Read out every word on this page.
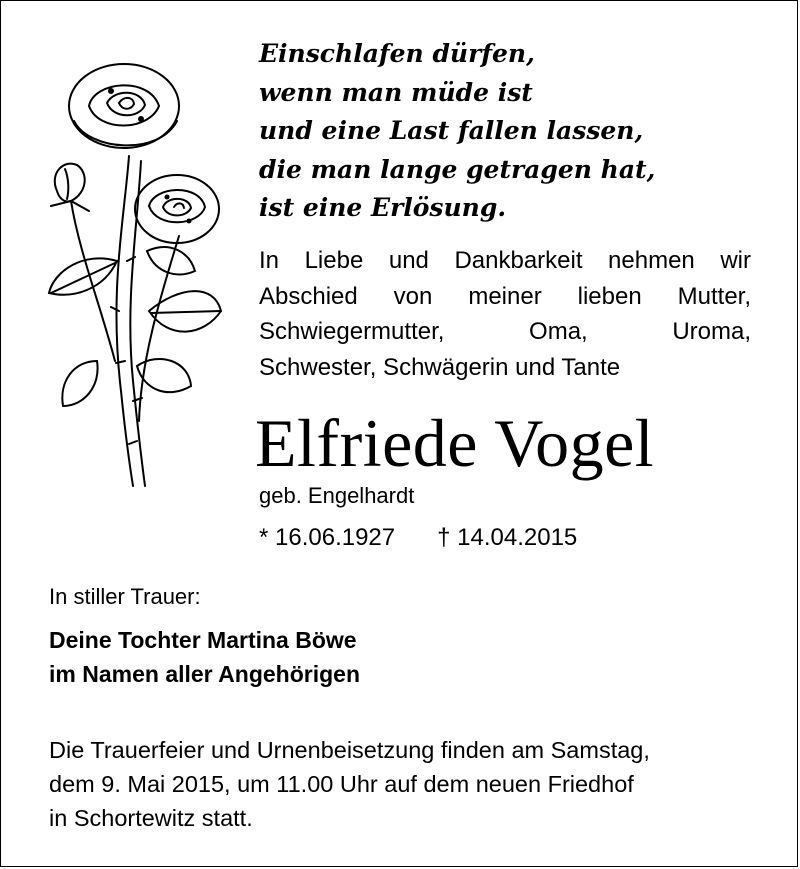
Einschlafen dürfen,
wenn man müde ist
und eine Last fallen lassen,
die man lange getragen hat,
ist eine Erlösung.
In Liebe und Dankbarkeit nehmen wir
Abschied von meiner lieben Mutter,
Schwiegermutter, Oma, Uroma,
Schwester, Schwägerin und Tante
Elfriede Vogel
geb. Engelhardt
* 16.06.1927 † 14.04.2015
In stiller Trauer:
Deine Tochter Martina Böwe
im Namen aller Angehörigen
Die Trauerfeier und Urnenbeisetzung finden am Samstag,
dem 9. Mai 2015, um 11.00 Uhr auf dem neuen Friedhof
in Schortewitz statt.
